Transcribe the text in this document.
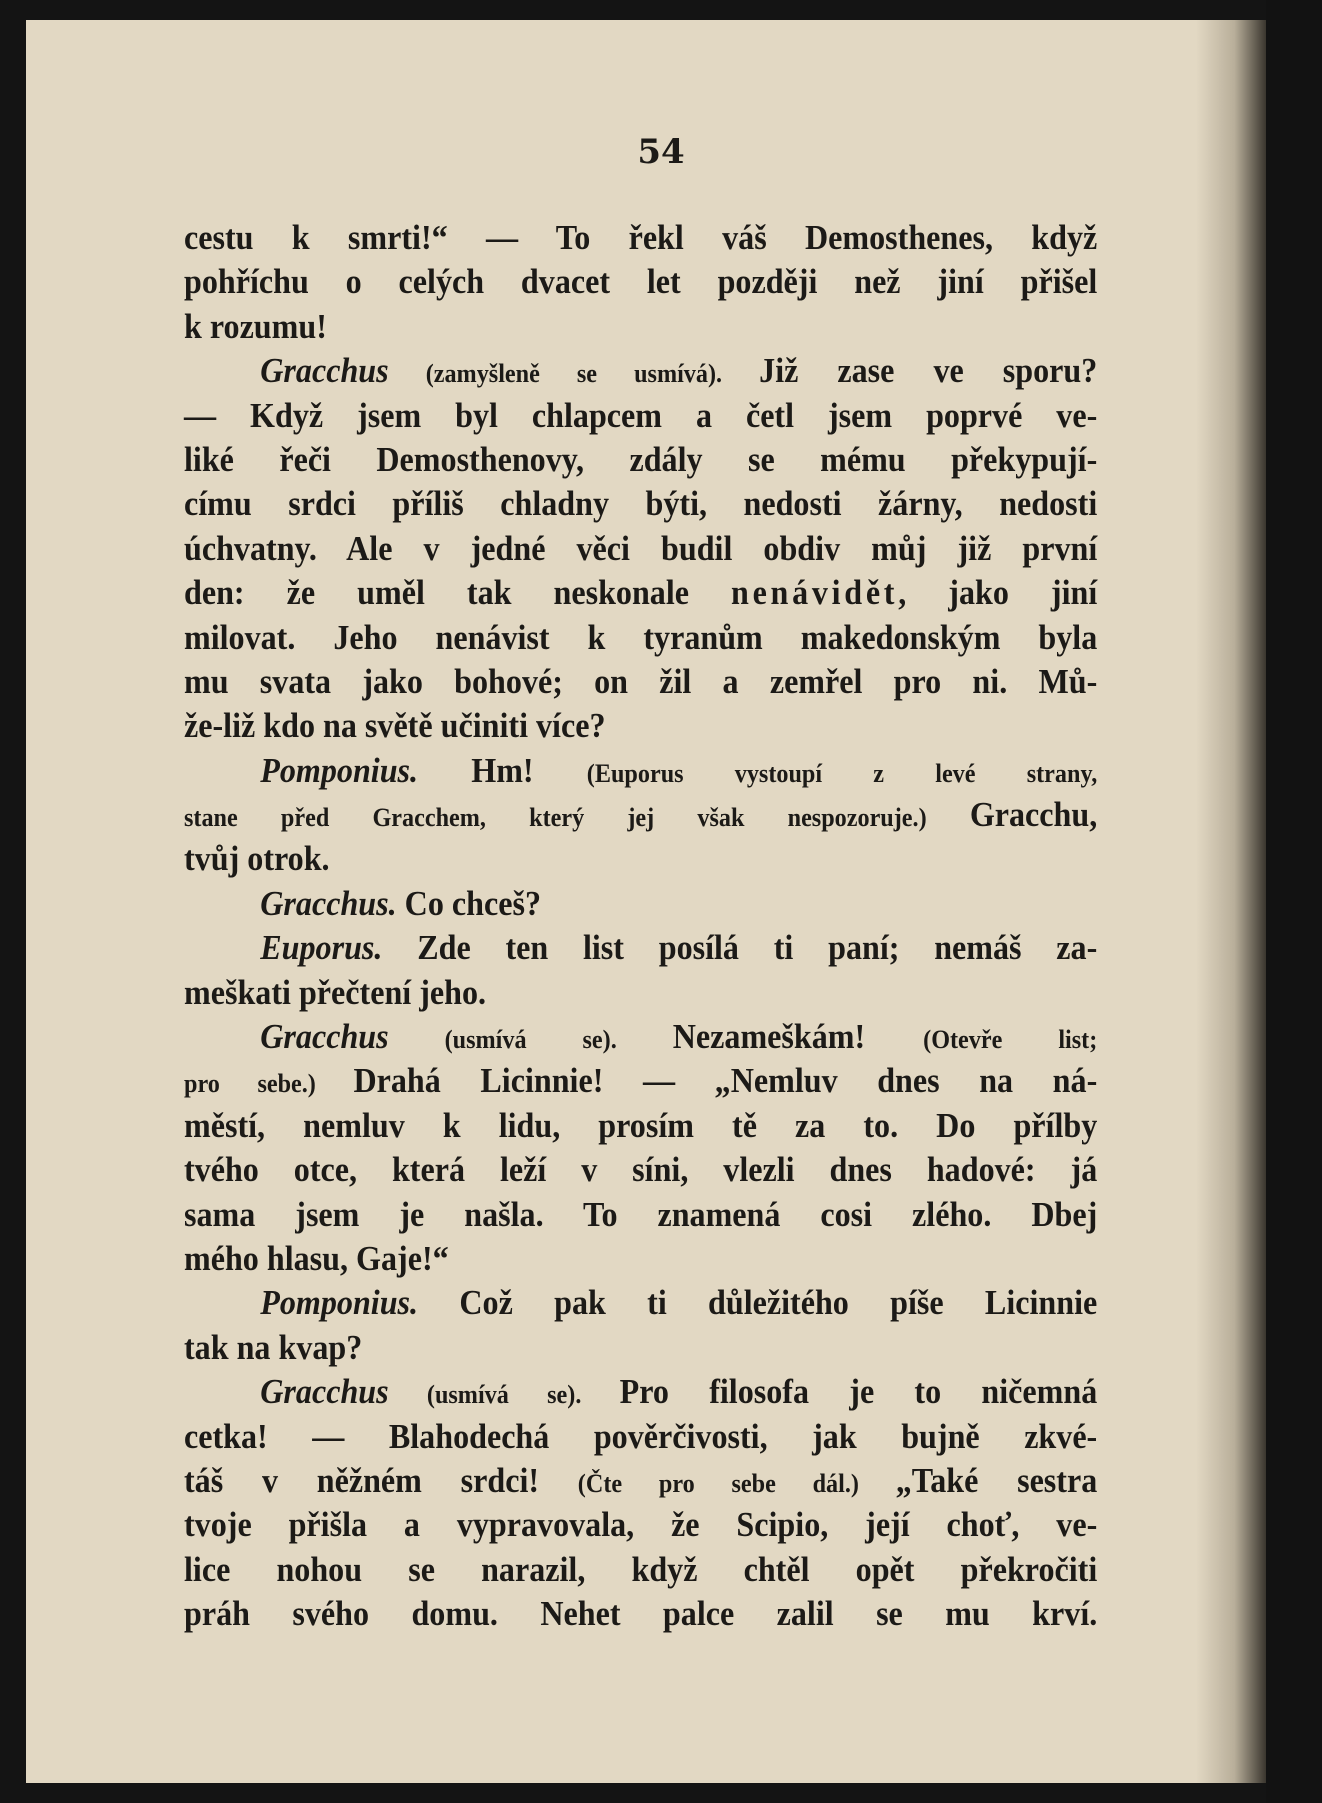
54
cestu k smrti!“ — To řekl váš Demosthenes, když
pohříchu o celých dvacet let později než jiní přišel
k rozumu!
Gracchus (zamyšleně se usmívá). Již zase ve sporu?
— Když jsem byl chlapcem a četl jsem poprvé ve-
liké řeči Demosthenovy, zdály se mému překypují-
címu srdci příliš chladny býti, nedosti žárny, nedosti
úchvatny. Ale v jedné věci budil obdiv můj již první
den: že uměl tak neskonale nenávidět, jako jiní
milovat. Jeho nenávist k tyranům makedonským byla
mu svata jako bohové; on žil a zemřel pro ni. Mů-
že-liž kdo na světě učiniti více?
Pomponius. Hm! (Euporus vystoupí z levé strany,
stane před Gracchem, který jej však nespozoruje.) Gracchu,
tvůj otrok.
Gracchus. Co chceš?
Euporus. Zde ten list posílá ti paní; nemáš za-
meškati přečtení jeho.
Gracchus (usmívá se). Nezameškám! (Otevře list;
pro sebe.) Drahá Licinnie! — „Nemluv dnes na ná-
městí, nemluv k lidu, prosím tě za to. Do přílby
tvého otce, která leží v síni, vlezli dnes hadové: já
sama jsem je našla. To znamená cosi zlého. Dbej
mého hlasu, Gaje!“
Pomponius. Což pak ti důležitého píše Licinnie
tak na kvap?
Gracchus (usmívá se). Pro filosofa je to ničemná
cetka! — Blahodechá pověrčivosti, jak bujně zkvé-
táš v něžném srdci! (Čte pro sebe dál.) „Také sestra
tvoje přišla a vypravovala, že Scipio, její choť, ve-
lice nohou se narazil, když chtěl opět překročiti
práh svého domu. Nehet palce zalil se mu krví.
